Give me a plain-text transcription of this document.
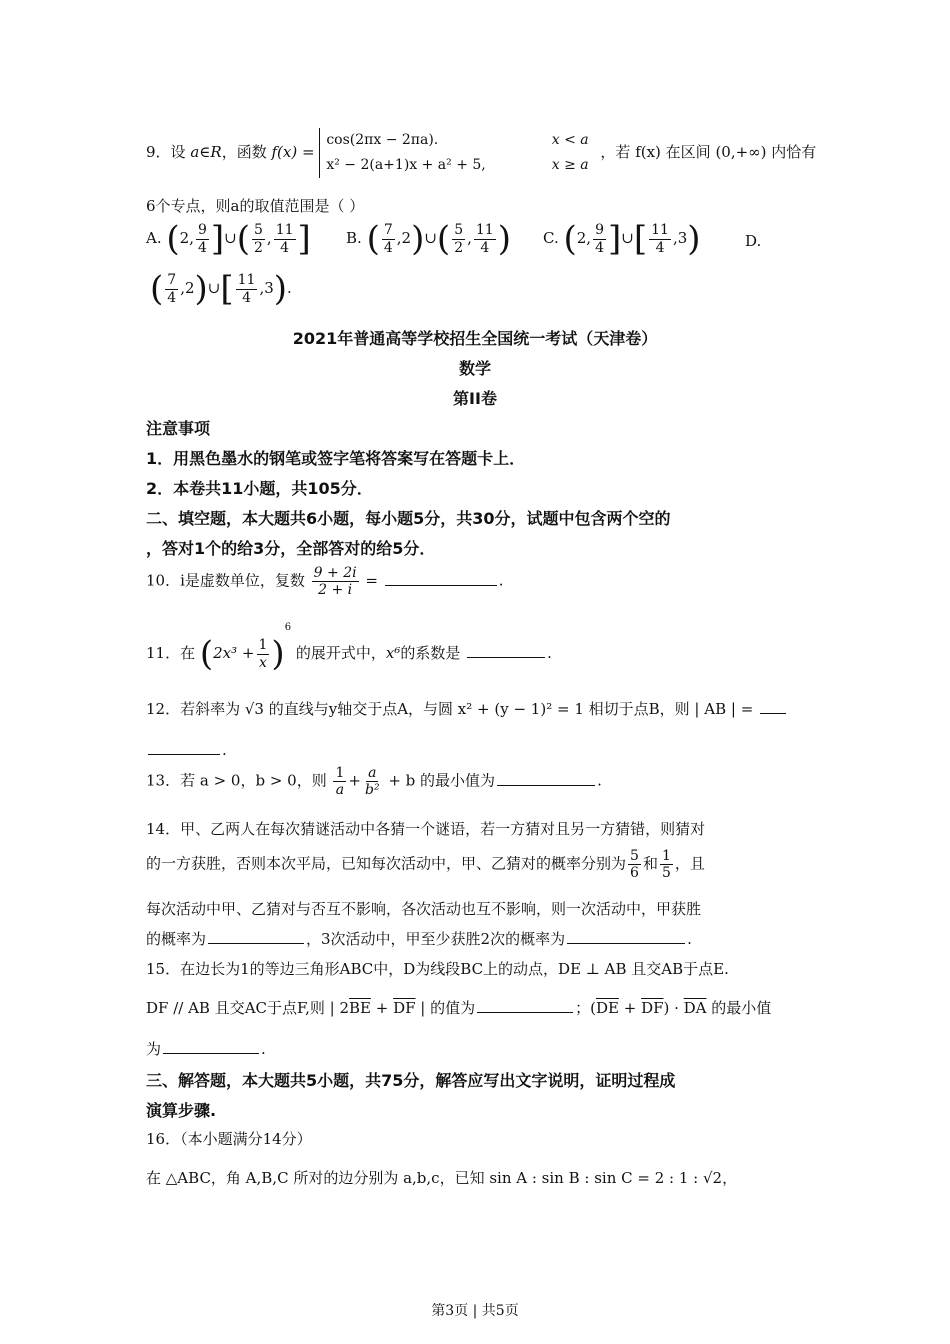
9．设 a∈R，函数 f(x) = cos(2πx − 2πa).	x < a
x² − 2(a+1)x + a² + 5,	x ≥ a ，若 f(x) 在区间 (0,+∞) 内恰有
6个专点，则a的取值范围是（ ）
A. (2, $\frac{9}{4}$ ]∪( $\frac{5}{2}$ , $\frac{11}{4}$ ] B. ( $\frac{7}{4}$ ,2)∪( $\frac{5}{2}$ , $\frac{11}{4}$ ) C. (2, $\frac{9}{4}$ ]∪[ $\frac{11}{4} ,3$)	D.
( $\frac{7}{4}$ ,2)∪[ $\frac{11}{4} ,3$).
2021年普通高等学校招生全国统一考试（天津卷）
数学
第II卷
注意事项
1．用黑色墨水的钢笔或签字笔将答案写在答题卡上．
2．本卷共11小题，共105分．
二、填空题，本大题共6小题，每小题5分，共30分，试题中包含两个空的
，答对1个的给3分，全部答对的给5分．
10．i是虚数单位，复数 $\frac{9 + 2i}{2 + i}$ =	.
11．在 $(2x^3 + \frac{1}{x} )^6$ 的展开式中，x⁶的系数是	.
12．若斜率为 √3 的直线与y轴交于点A，与圆 x² + (y − 1)² = 1 相切于点B，则 | AB | =
.
13．若 a > 0，b > 0，则 $\frac{1}{a} + \frac{a}{\text{b²}} + b$ 的最小值为	.
14．甲、乙两人在每次猜谜活动中各猜一个谜语，若一方猜对且另一方猜错，则猜对
的一方获胜，否则本次平局，已知每次活动中，甲、乙猜对的概率分别为 $\frac{5}{6}$ 和 $\frac{1}{5}$ ，且
每次活动中甲、乙猜对与否互不影响，各次活动也互不影响，则一次活动中，甲获胜
的概率为	，3次活动中，甲至少获胜2次的概率为	.
15．在边长为1的等边三角形ABC中，D为线段BC上的动点，DE ⊥ AB 且交AB于点E.
DF // AB 且交AC于点F,则 | $2\overline{BE} + \overline{DF}$ | 的值为	；$(\overline{DE} + \overline{DF}) \cdot \overline{DA}$ 的最小值
为	.
三、解答题，本大题共5小题，共75分，解答应写出文字说明，证明过程成
演算步骤.
16．（本小题满分14分）
在 △ABC，角 A,B,C 所对的边分别为 a,b,c，已知 sin A : sin B : sin C = 2 : 1 : √2，
第3页 | 共5页
